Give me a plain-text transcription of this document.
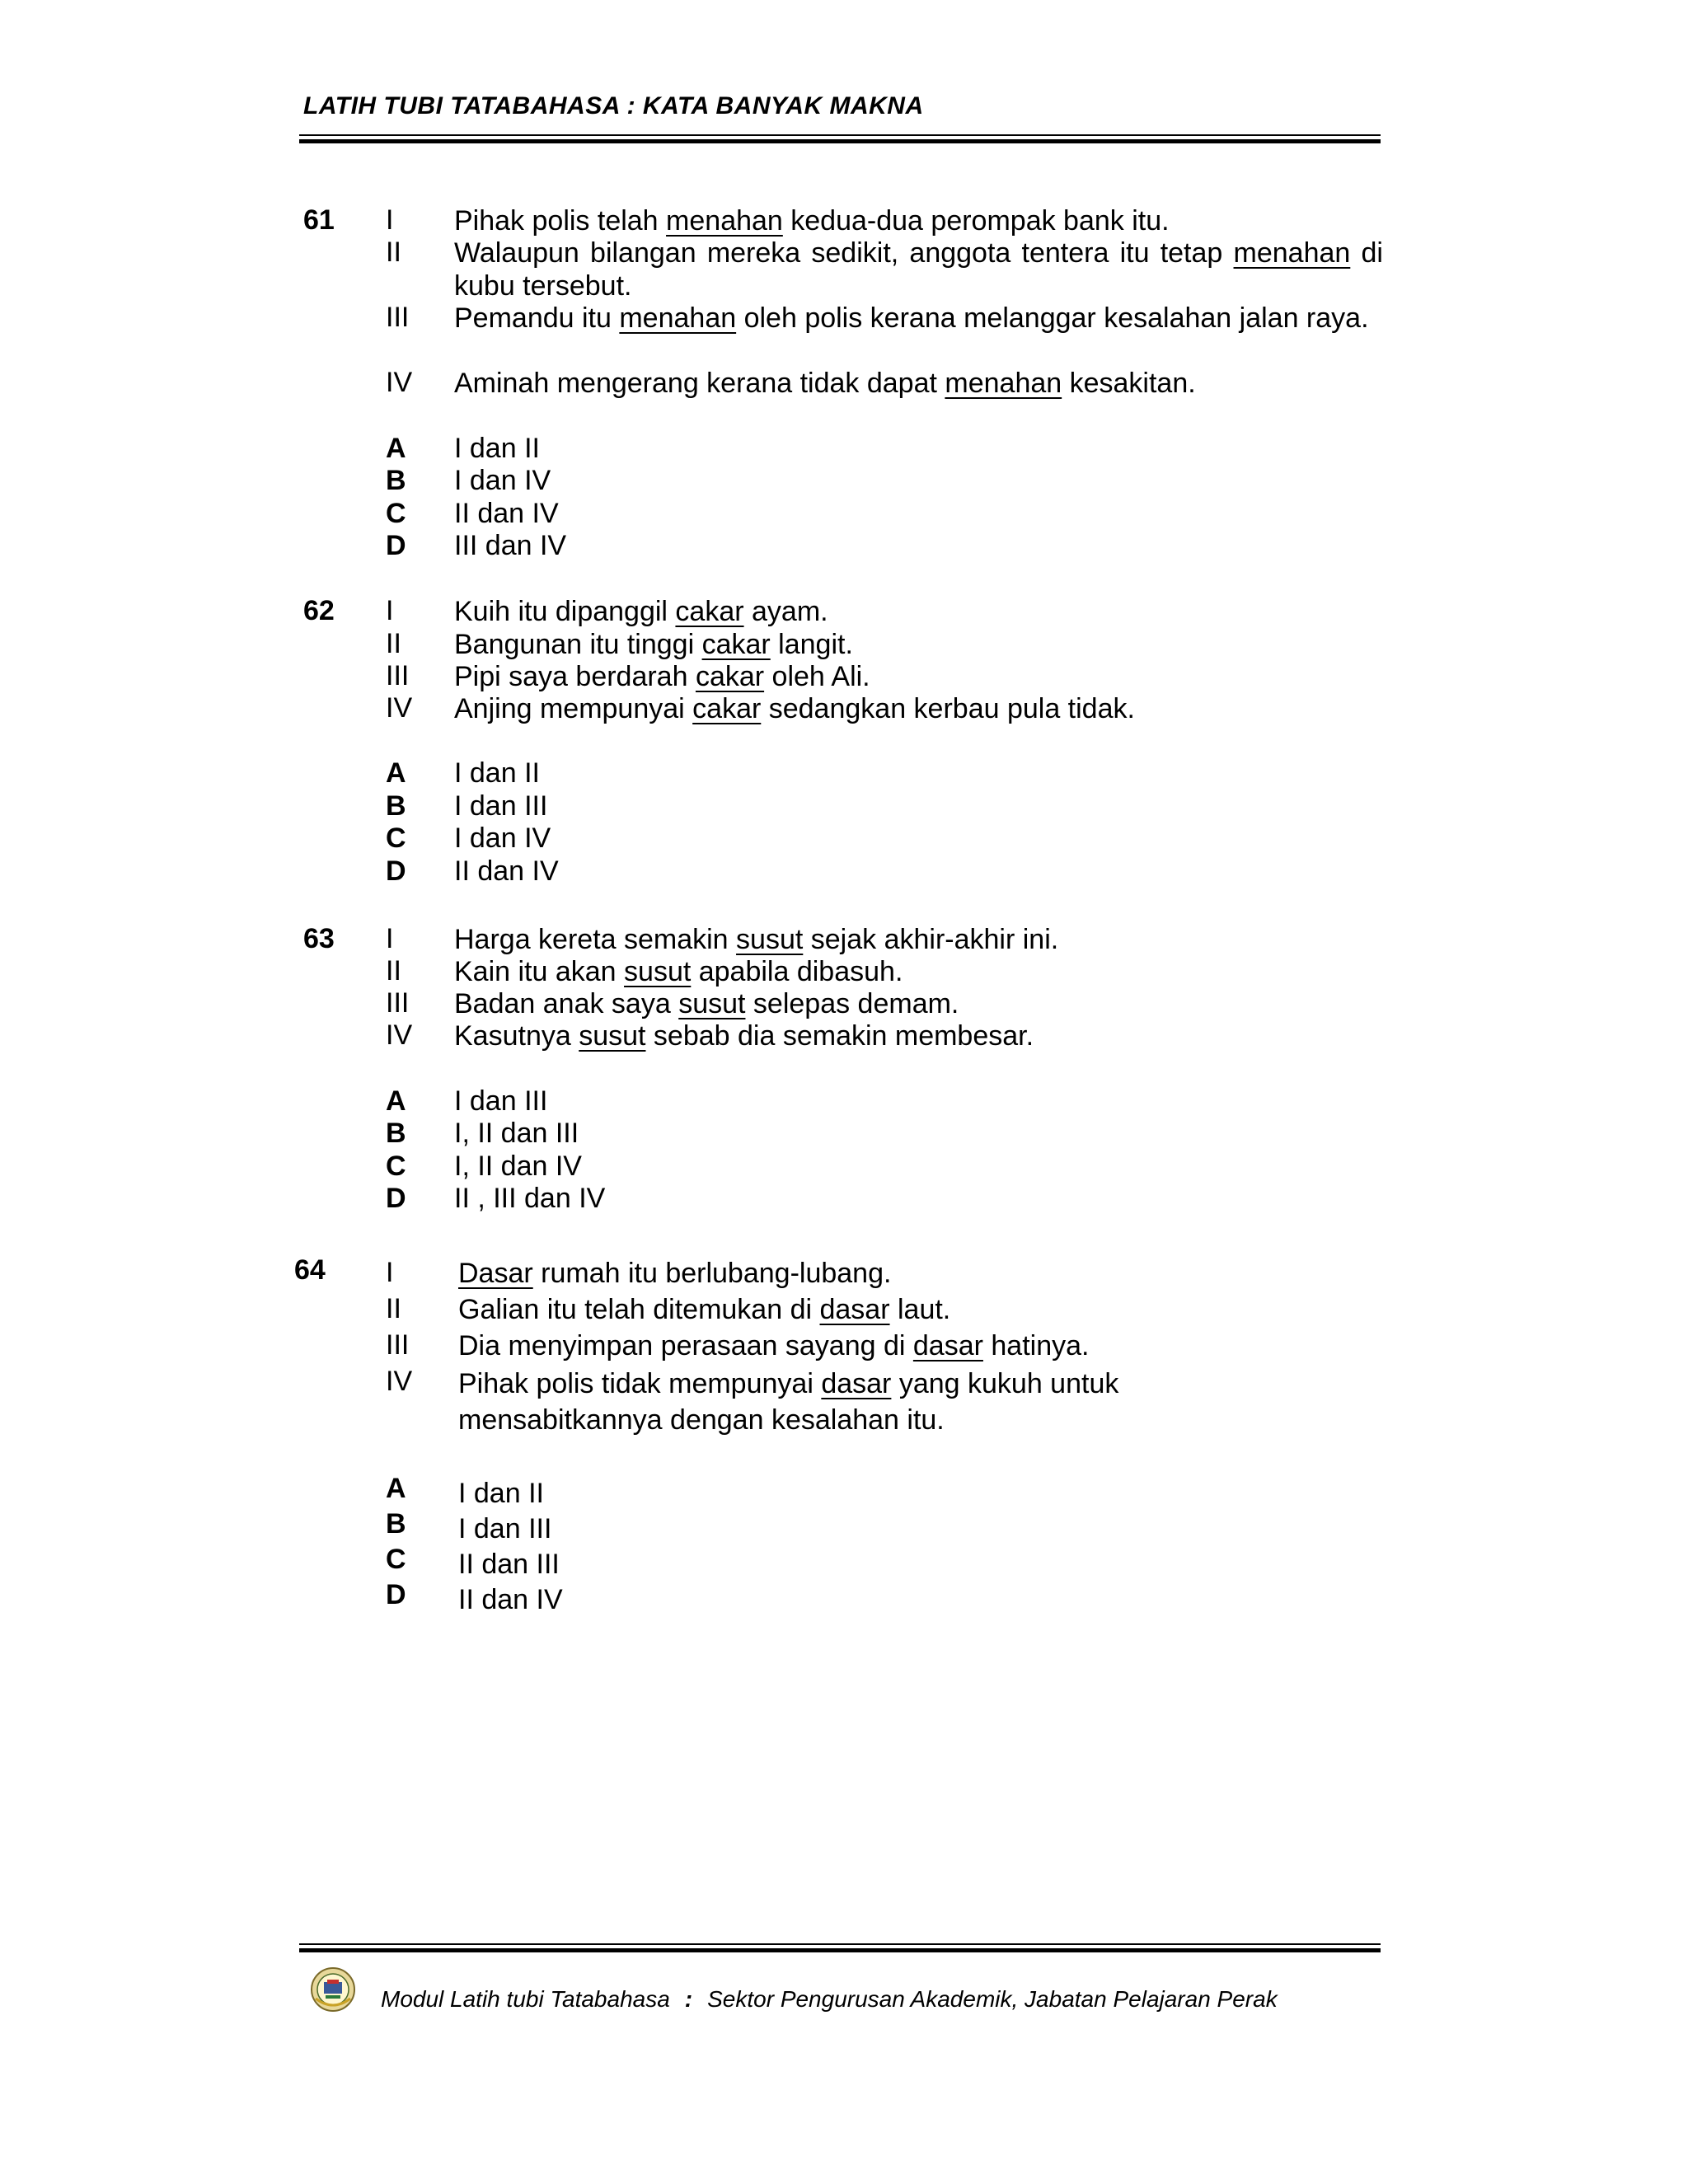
LATIH TUBI TATABAHASA : KATA BANYAK MAKNA
61 I Pihak polis telah menahan kedua-dua perompak bank itu.
II Walaupun bilangan mereka sedikit, anggota tentera itu tetap menahan di kubu tersebut.
III Pemandu itu menahan oleh polis kerana melanggar kesalahan jalan raya.
IV Aminah mengerang kerana tidak dapat menahan kesakitan.
A I dan II
B I dan IV
C II dan IV
D III dan IV
62 I Kuih itu dipanggil cakar ayam.
II Bangunan itu tinggi cakar langit.
III Pipi saya berdarah cakar oleh Ali.
IV Anjing mempunyai cakar sedangkan kerbau pula tidak.
A I dan II
B I dan III
C I dan IV
D II dan IV
63 I Harga kereta semakin susut sejak akhir-akhir ini.
II Kain itu akan susut apabila dibasuh.
III Badan anak saya susut selepas demam.
IV Kasutnya susut sebab dia semakin membesar.
A I dan III
B I, II dan III
C I, II dan IV
D II , III dan IV
64 I Dasar rumah itu berlubang-lubang.
II Galian itu telah ditemukan di dasar laut.
III Dia menyimpan perasaan sayang di dasar hatinya.
IV Pihak polis tidak mempunyai dasar yang kukuh untuk mensabitkannya dengan kesalahan itu.
A I dan II
B I dan III
C II dan III
D II dan IV
Modul Latih tubi Tatabahasa : Sektor Pengurusan Akademik, Jabatan Pelajaran Perak
